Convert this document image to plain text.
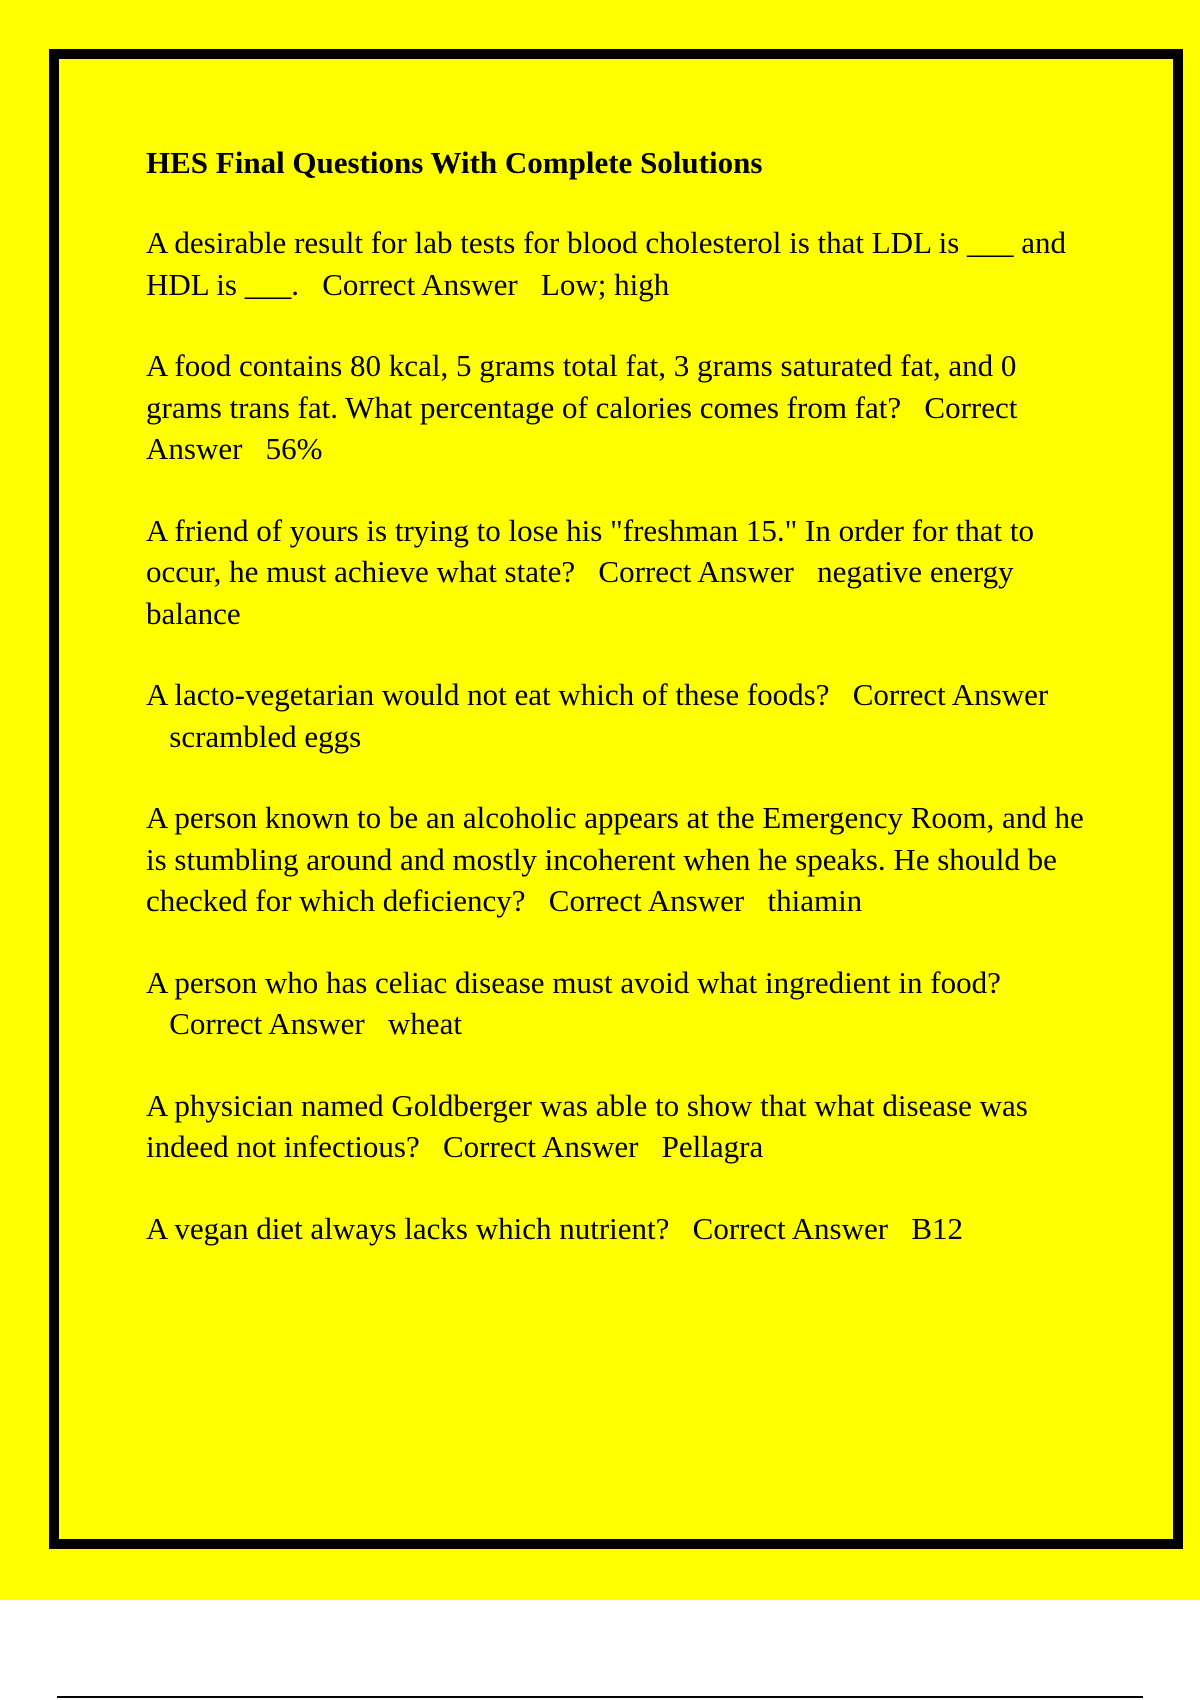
HES Final Questions With Complete Solutions
A desirable result for lab tests for blood cholesterol is that LDL is ___ and HDL is ___. Correct Answer Low; high
A food contains 80 kcal, 5 grams total fat, 3 grams saturated fat, and 0 grams trans fat. What percentage of calories comes from fat? Correct Answer 56%
A friend of yours is trying to lose his "freshman 15." In order for that to occur, he must achieve what state? Correct Answer negative energy balance
A lacto-vegetarian would not eat which of these foods? Correct Answer   scrambled eggs
A person known to be an alcoholic appears at the Emergency Room, and he is stumbling around and mostly incoherent when he speaks. He should be checked for which deficiency? Correct Answer thiamin
A person who has celiac disease must avoid what ingredient in food?   Correct Answer wheat
A physician named Goldberger was able to show that what disease was indeed not infectious? Correct Answer Pellagra
A vegan diet always lacks which nutrient? Correct Answer B12
